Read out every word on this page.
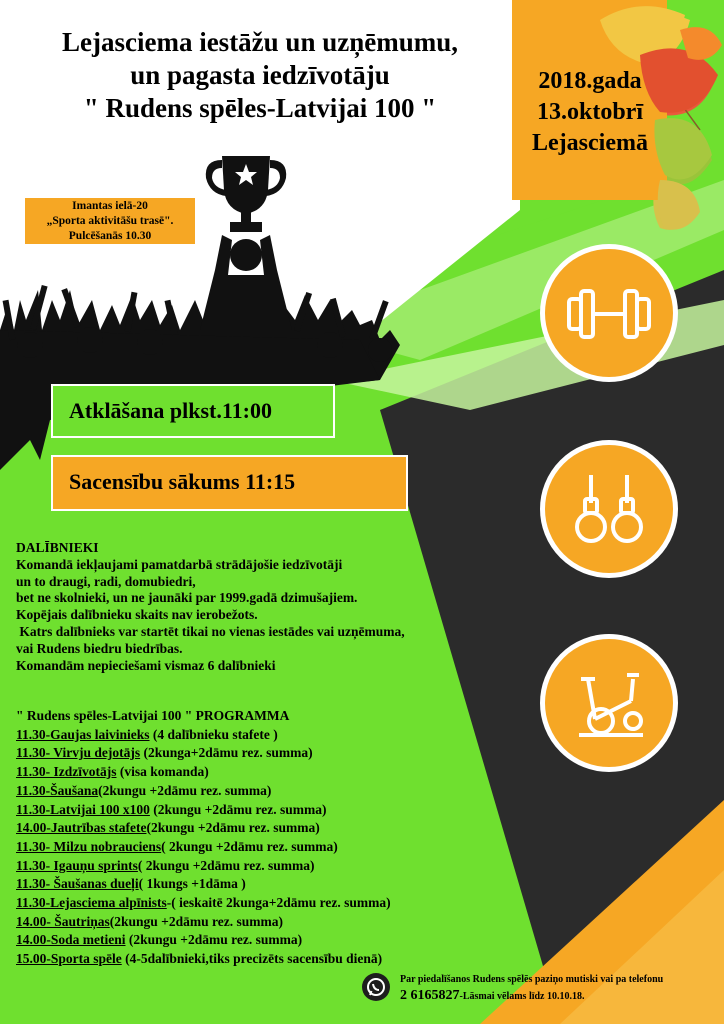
Lejasciema iestāžu un uzņēmumu,
un pagasta iedzīvotāju
" Rudens spēles-Latvijai 100 "
2018.gada
13.oktobrī
Lejasciemā
Imantas ielā-20
„Sporta aktivitāšu trasē".
Pulcēšanās 10.30
Atklāšana plkst.11:00
Sacensību sākums 11:15
DALĪBNIEKI
Komandā iekļaujami pamatdarbā strādājošie iedzīvotāji
un to draugi, radi, domubiedri,
bet ne skolnieki, un ne jaunāki par 1999.gadā dzimušajiem.
Kopējais dalībnieku skaits nav ierobežots.
Katrs dalībnieks var startēt tikai no vienas iestādes vai uzņēmuma,
vai Rudens biedru biedrības.
Komandām nepieciešami vismaz 6 dalībnieki
" Rudens spēles-Latvijai 100 " PROGRAMMA
11.30-Gaujas laivinieks (4 dalībnieku stafete )
11.30- Virvju dejotājs (2kunga+2dāmu rez. summa)
11.30- Izdzīvotājs (visa komanda)
11.30-Šaušana(2kungu +2dāmu rez. summa)
11.30-Latvijai 100 x100 (2kungu +2dāmu rez. summa)
14.00-Jautrības stafete(2kungu +2dāmu rez. summa)
11.30- Milzu nobrauciens( 2kungu +2dāmu rez. summa)
11.30- Igauņu sprints( 2kungu +2dāmu rez. summa)
11.30- Šaušanas dueļi( 1kungs +1dāma )
11.30-Lejasciema alpīnists-( ieskaitē 2kunga+2dāmu rez. summa)
14.00- Šautriņas(2kungu +2dāmu rez. summa)
14.00-Soda metieni (2kungu +2dāmu rez. summa)
15.00-Sporta spēle (4-5dalībnieki,tiks precizēts sacensību dienā)
Par piedalīšanos Rudens spēlēs paziņo mutiski vai pa telefonu
2 6165827-Lāsmai vēlams līdz 10.10.18.
